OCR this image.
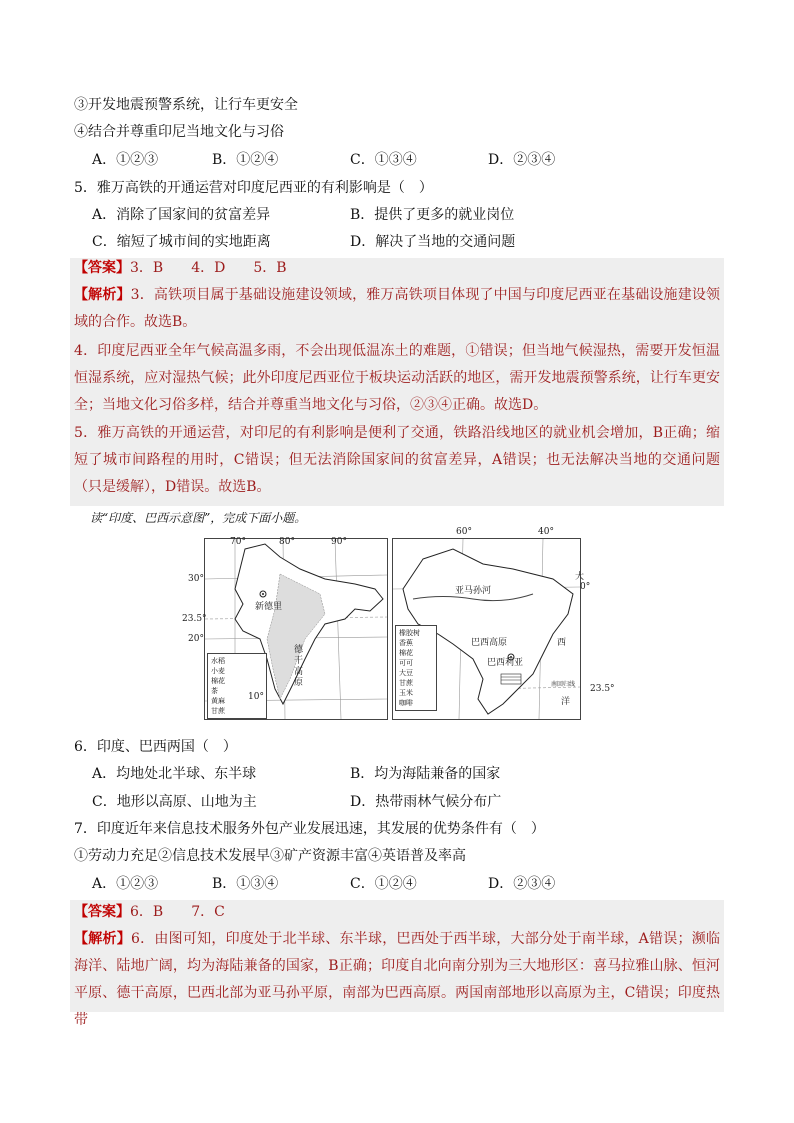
③开发地震预警系统，让行车更安全
④结合并尊重印尼当地文化与习俗
A．①②③	B．①②④	C．①③④	D．②③④
5．雅万高铁的开通运营对印度尼西亚的有利影响是（　）
A．消除了国家间的贫富差异	B．提供了更多的就业岗位
C．缩短了城市间的实地距离	D．解决了当地的交通问题
【答案】3．B　　4．D　　5．B
【解析】3．高铁项目属于基础设施建设领域，雅万高铁项目体现了中国与印度尼西亚在基础设施建设领域的合作。故选B。
4．印度尼西亚全年气候高温多雨，不会出现低温冻土的难题，①错误；但当地气候湿热，需要开发恒温恒湿系统，应对湿热气候；此外印度尼西亚位于板块运动活跃的地区，需开发地震预警系统，让行车更安全；当地文化习俗多样，结合并尊重当地文化与习俗，②③④正确。故选D。
5．雅万高铁的开通运营，对印尼的有利影响是便利了交通，铁路沿线地区的就业机会增加，B正确；缩短了城市间路程的用时，C错误；但无法消除国家间的贫富差异，A错误；也无法解决当地的交通问题（只是缓解），D错误。故选B。
读“印度、巴西示意图”，完成下面小题。
70°	80°	90°
新德里
德干高原
水稻
小麦
棉花
茶
黄麻
甘蔗
30°
23.5°
20°
10°
亚马孙河
巴西高原
巴西利亚
大
西
洋
南回归线
橡胶树
香蕉
棉花
可可
大豆
甘蔗
玉米
咖啡
60°	40°
0°
23.5°
6．印度、巴西两国（　）
A．均地处北半球、东半球	B．均为海陆兼备的国家
C．地形以高原、山地为主	D．热带雨林气候分布广
7．印度近年来信息技术服务外包产业发展迅速，其发展的优势条件有（　）
①劳动力充足②信息技术发展早③矿产资源丰富④英语普及率高
A．①②③	B．①③④	C．①②④	D．②③④
【答案】6．B　　7．C
【解析】6．由图可知，印度处于北半球、东半球，巴西处于西半球，大部分处于南半球，A错误；濒临海洋、陆地广阔，均为海陆兼备的国家，B正确；印度自北向南分别为三大地形区：喜马拉雅山脉、恒河平原、德干高原，巴西北部为亚马孙平原，南部为巴西高原。两国南部地形以高原为主，C错误；印度热带
